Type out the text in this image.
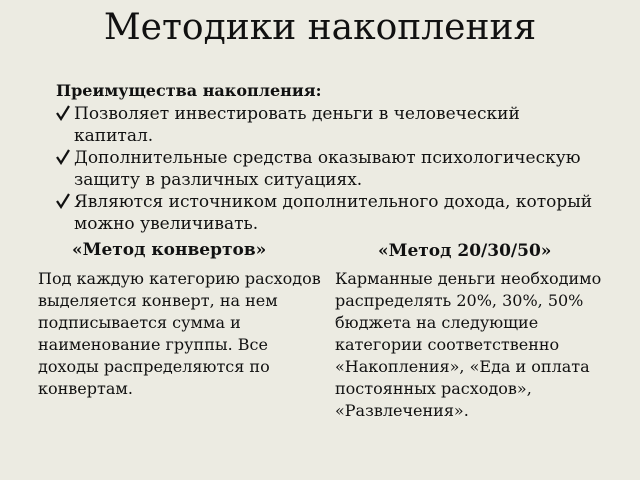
Методики накопления
Преимущества накопления:
Позволяет инвестировать деньги в человеческий капитал.
Дополнительные средства оказывают психологическую защиту в различных ситуациях.
Являются источником дополнительного дохода, который можно увеличивать.
«Метод конвертов»	«Метод 20/30/50»
Под каждую категорию расходов выделяется конверт, на нем подписывается сумма и наименование группы. Все доходы распределяются по конвертам.
Карманные деньги необходимо распределять 20%, 30%, 50% бюджета на следующие категории соответственно «Накопления», «Еда и оплата постоянных расходов», «Развлечения».
